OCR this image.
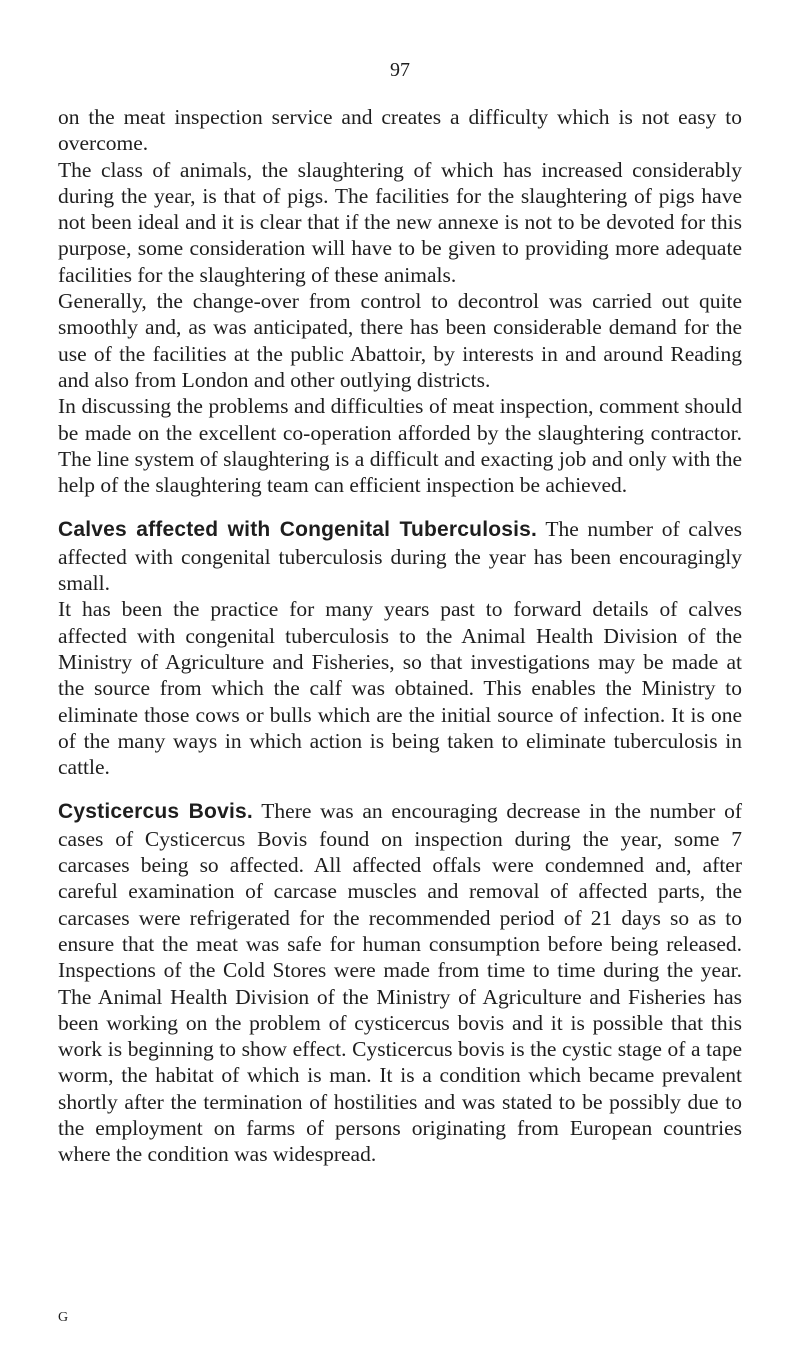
97

on the meat inspection service and creates a difficulty which is not easy to overcome.

The class of animals, the slaughtering of which has increased considerably during the year, is that of pigs. The facilities for the slaughtering of pigs have not been ideal and it is clear that if the new annexe is not to be devoted for this purpose, some consideration will have to be given to providing more adequate facilities for the slaughtering of these animals.

Generally, the change-over from control to decontrol was carried out quite smoothly and, as was anticipated, there has been considerable demand for the use of the facilities at the public Abattoir, by interests in and around Reading and also from London and other outlying districts.

In discussing the problems and difficulties of meat inspection, comment should be made on the excellent co-operation afforded by the slaughtering contractor. The line system of slaughtering is a difficult and exacting job and only with the help of the slaughtering team can efficient inspection be achieved.

Calves affected with Congenital Tuberculosis. The number of calves affected with congenital tuberculosis during the year has been encouragingly small.

It has been the practice for many years past to forward details of calves affected with congenital tuberculosis to the Animal Health Division of the Ministry of Agriculture and Fisheries, so that investigations may be made at the source from which the calf was obtained. This enables the Ministry to eliminate those cows or bulls which are the initial source of infection. It is one of the many ways in which action is being taken to eliminate tuberculosis in cattle.

Cysticercus Bovis. There was an encouraging decrease in the number of cases of Cysticercus Bovis found on inspection during the year, some 7 carcases being so affected. All affected offals were condemned and, after careful examination of carcase muscles and removal of affected parts, the carcases were refrigerated for the recommended period of 21 days so as to ensure that the meat was safe for human consumption before being released. Inspections of the Cold Stores were made from time to time during the year. The Animal Health Division of the Ministry of Agriculture and Fisheries has been working on the problem of cysticercus bovis and it is possible that this work is beginning to show effect. Cysticercus bovis is the cystic stage of a tape worm, the habitat of which is man. It is a condition which became prevalent shortly after the termination of hostilities and was stated to be possibly due to the employment on farms of persons originating from European countries where the condition was widespread.

G
